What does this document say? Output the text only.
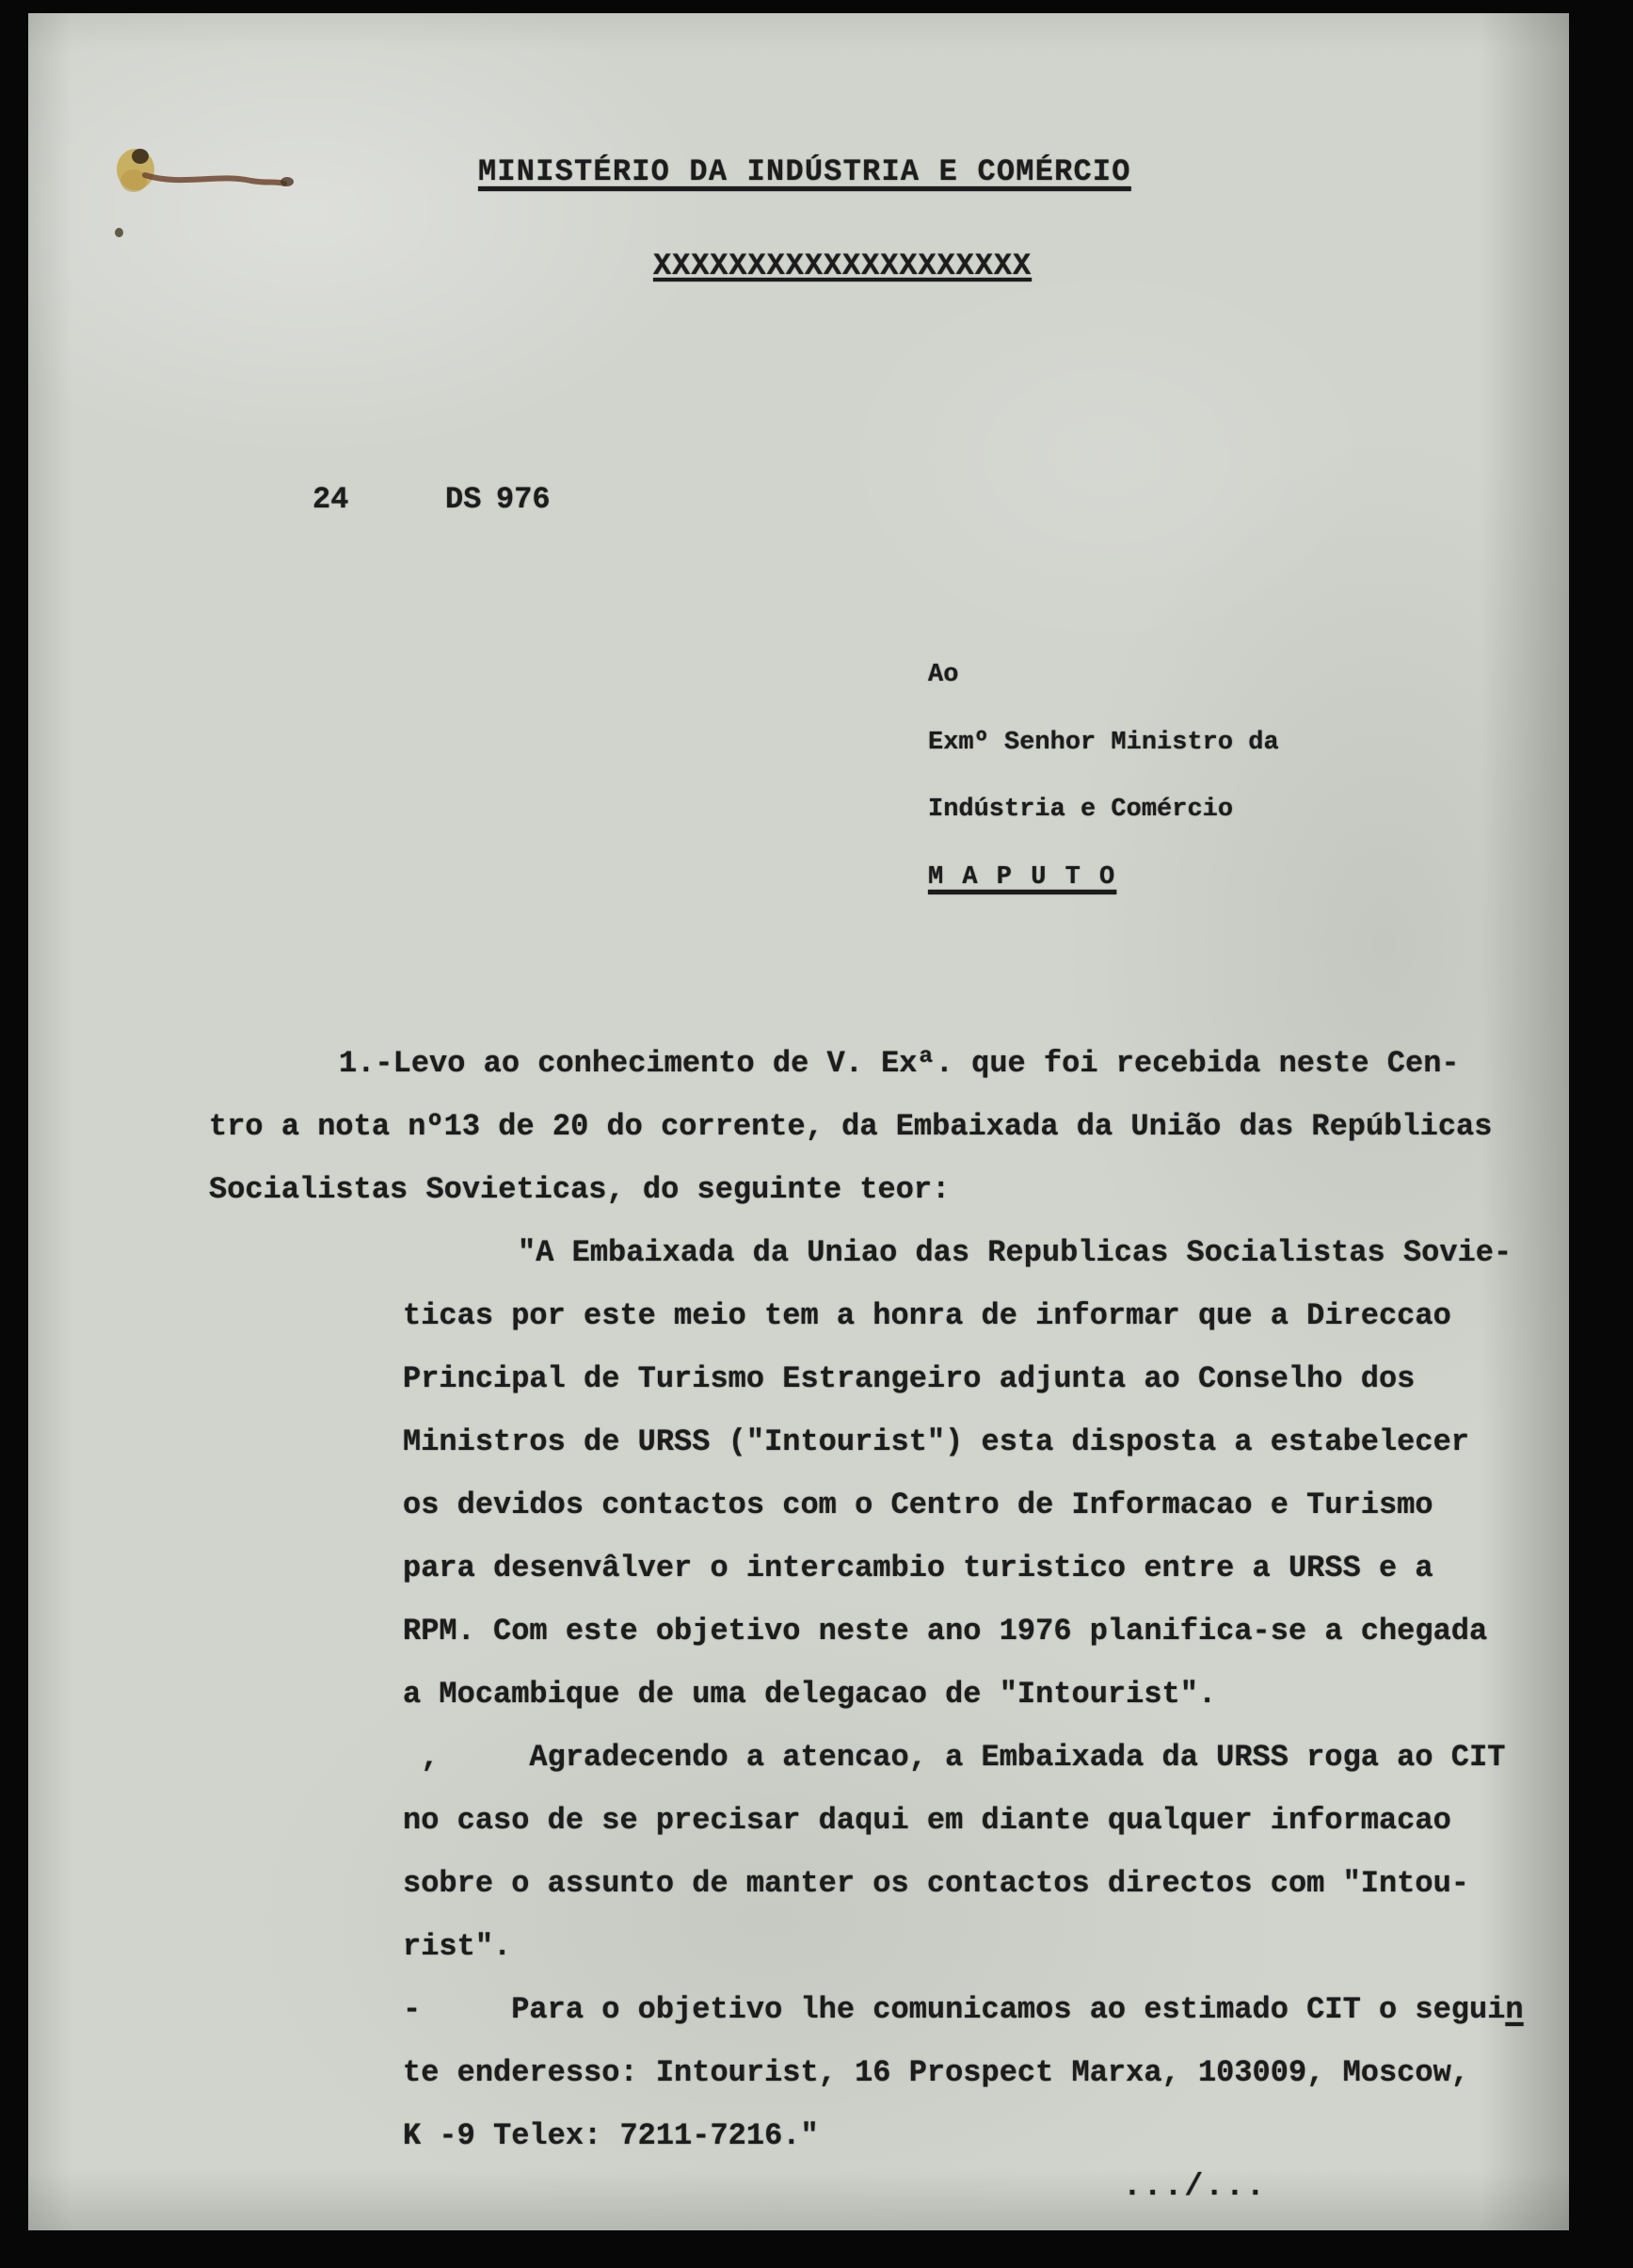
MINISTÉRIO DA INDÚSTRIA E COMÉRCIO
XXXXXXXXXXXXXXXXXXXX
24	DS 976
Ao
Exmº Senhor Ministro da
Indústria e Comércio
M A P U T O
1.-Levo ao conhecimento de V. Exª. que foi recebida neste Cen-
tro a nota nº13 de 20 do corrente, da Embaixada da União das Repúblicas
Socialistas Sovieticas, do seguinte teor:
"A Embaixada da Uniao das Republicas Socialistas Sovie-
ticas por este meio tem a honra de informar que a Direccao
Principal de Turismo Estrangeiro adjunta ao Conselho dos
Ministros de URSS ("Intourist") esta disposta a estabelecer
os devidos contactos com o Centro de Informacao e Turismo
para desenvâlver o intercambio turistico entre a URSS e a
RPM. Com este objetivo neste ano 1976 planifica-se a chegada
a Mocambique de uma delegacao de "Intourist".
,     Agradecendo a atencao, a Embaixada da URSS roga ao CIT
no caso de se precisar daqui em diante qualquer informacao
sobre o assunto de manter os contactos directos com "Intou-
rist".
-     Para o objetivo lhe comunicamos ao estimado CIT o seguin
te enderesso: Intourist, 16 Prospect Marxa, 103009, Moscow,
K -9 Telex: 7211-7216."
.../...
